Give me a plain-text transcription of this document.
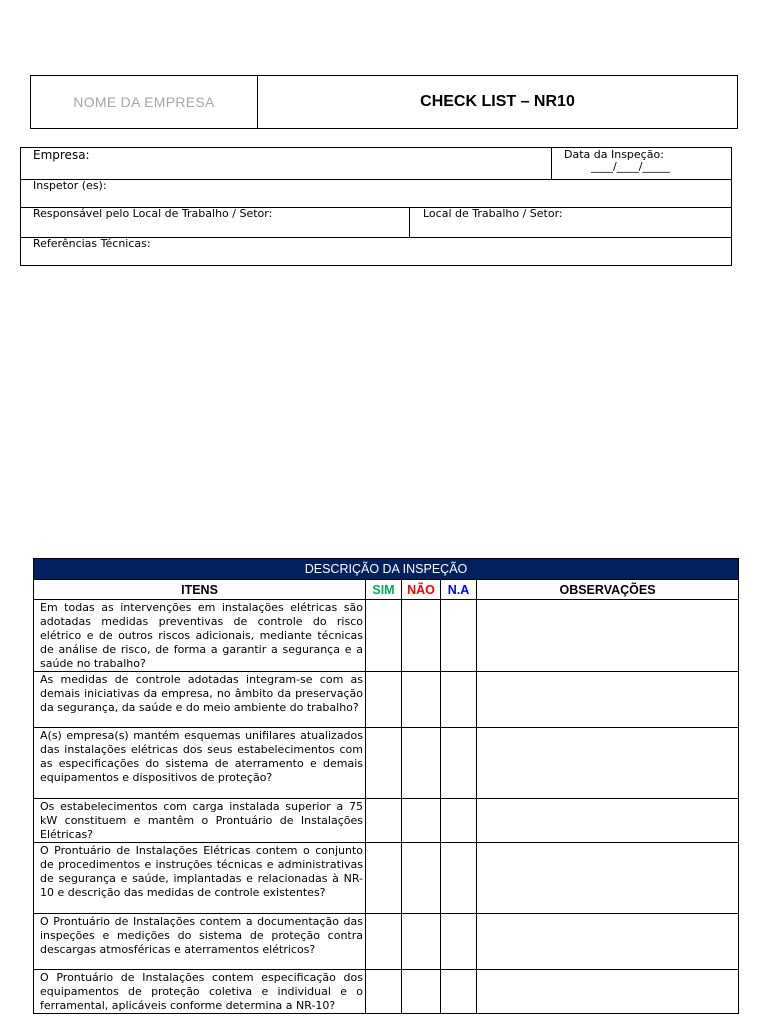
NOME DA EMPRESA	CHECK LIST – NR10
Empresa:	Data da Inspeção:
____/____/_____
Inspetor (es):
Responsável pelo Local de Trabalho / Setor:	Local de Trabalho / Setor:
Referências Técnicas:
DESCRIÇÃO DA INSPEÇÃO				
ITENS	SIM	NÃO	N.A	OBSERVAÇÕES

Em todas as intervenções em instalações elétricas são adotadas medidas preventivas de controle do risco elétrico e de outros riscos adicionais, mediante técnicas de análise de risco, de forma a garantir a segurança e a saúde no trabalho?				

As medidas de controle adotadas integram-se com as demais iniciativas da empresa, no âmbito da preservação da segurança, da saúde e do meio ambiente do trabalho?				

A(s) empresa(s) mantém esquemas unifilares atualizados das instalações elétricas dos seus estabelecimentos com as especificações do sistema de aterramento e demais equipamentos e dispositivos de proteção?				

Os estabelecimentos com carga instalada superior a 75 kW constituem e mantêm o Prontuário de Instalações Elétricas?				

O Prontuário de Instalações Elétricas contem o conjunto de procedimentos e instruções técnicas e administrativas de segurança e saúde, implantadas e relacionadas à NR-10 e descrição das medidas de controle existentes?				

O Prontuário de Instalações contem a documentação das inspeções e medições do sistema de proteção contra descargas atmosféricas e aterramentos elétricos?				

O Prontuário de Instalações contem especificação dos equipamentos de proteção coletiva e individual e o ferramental, aplicáveis conforme determina a NR-10?				
